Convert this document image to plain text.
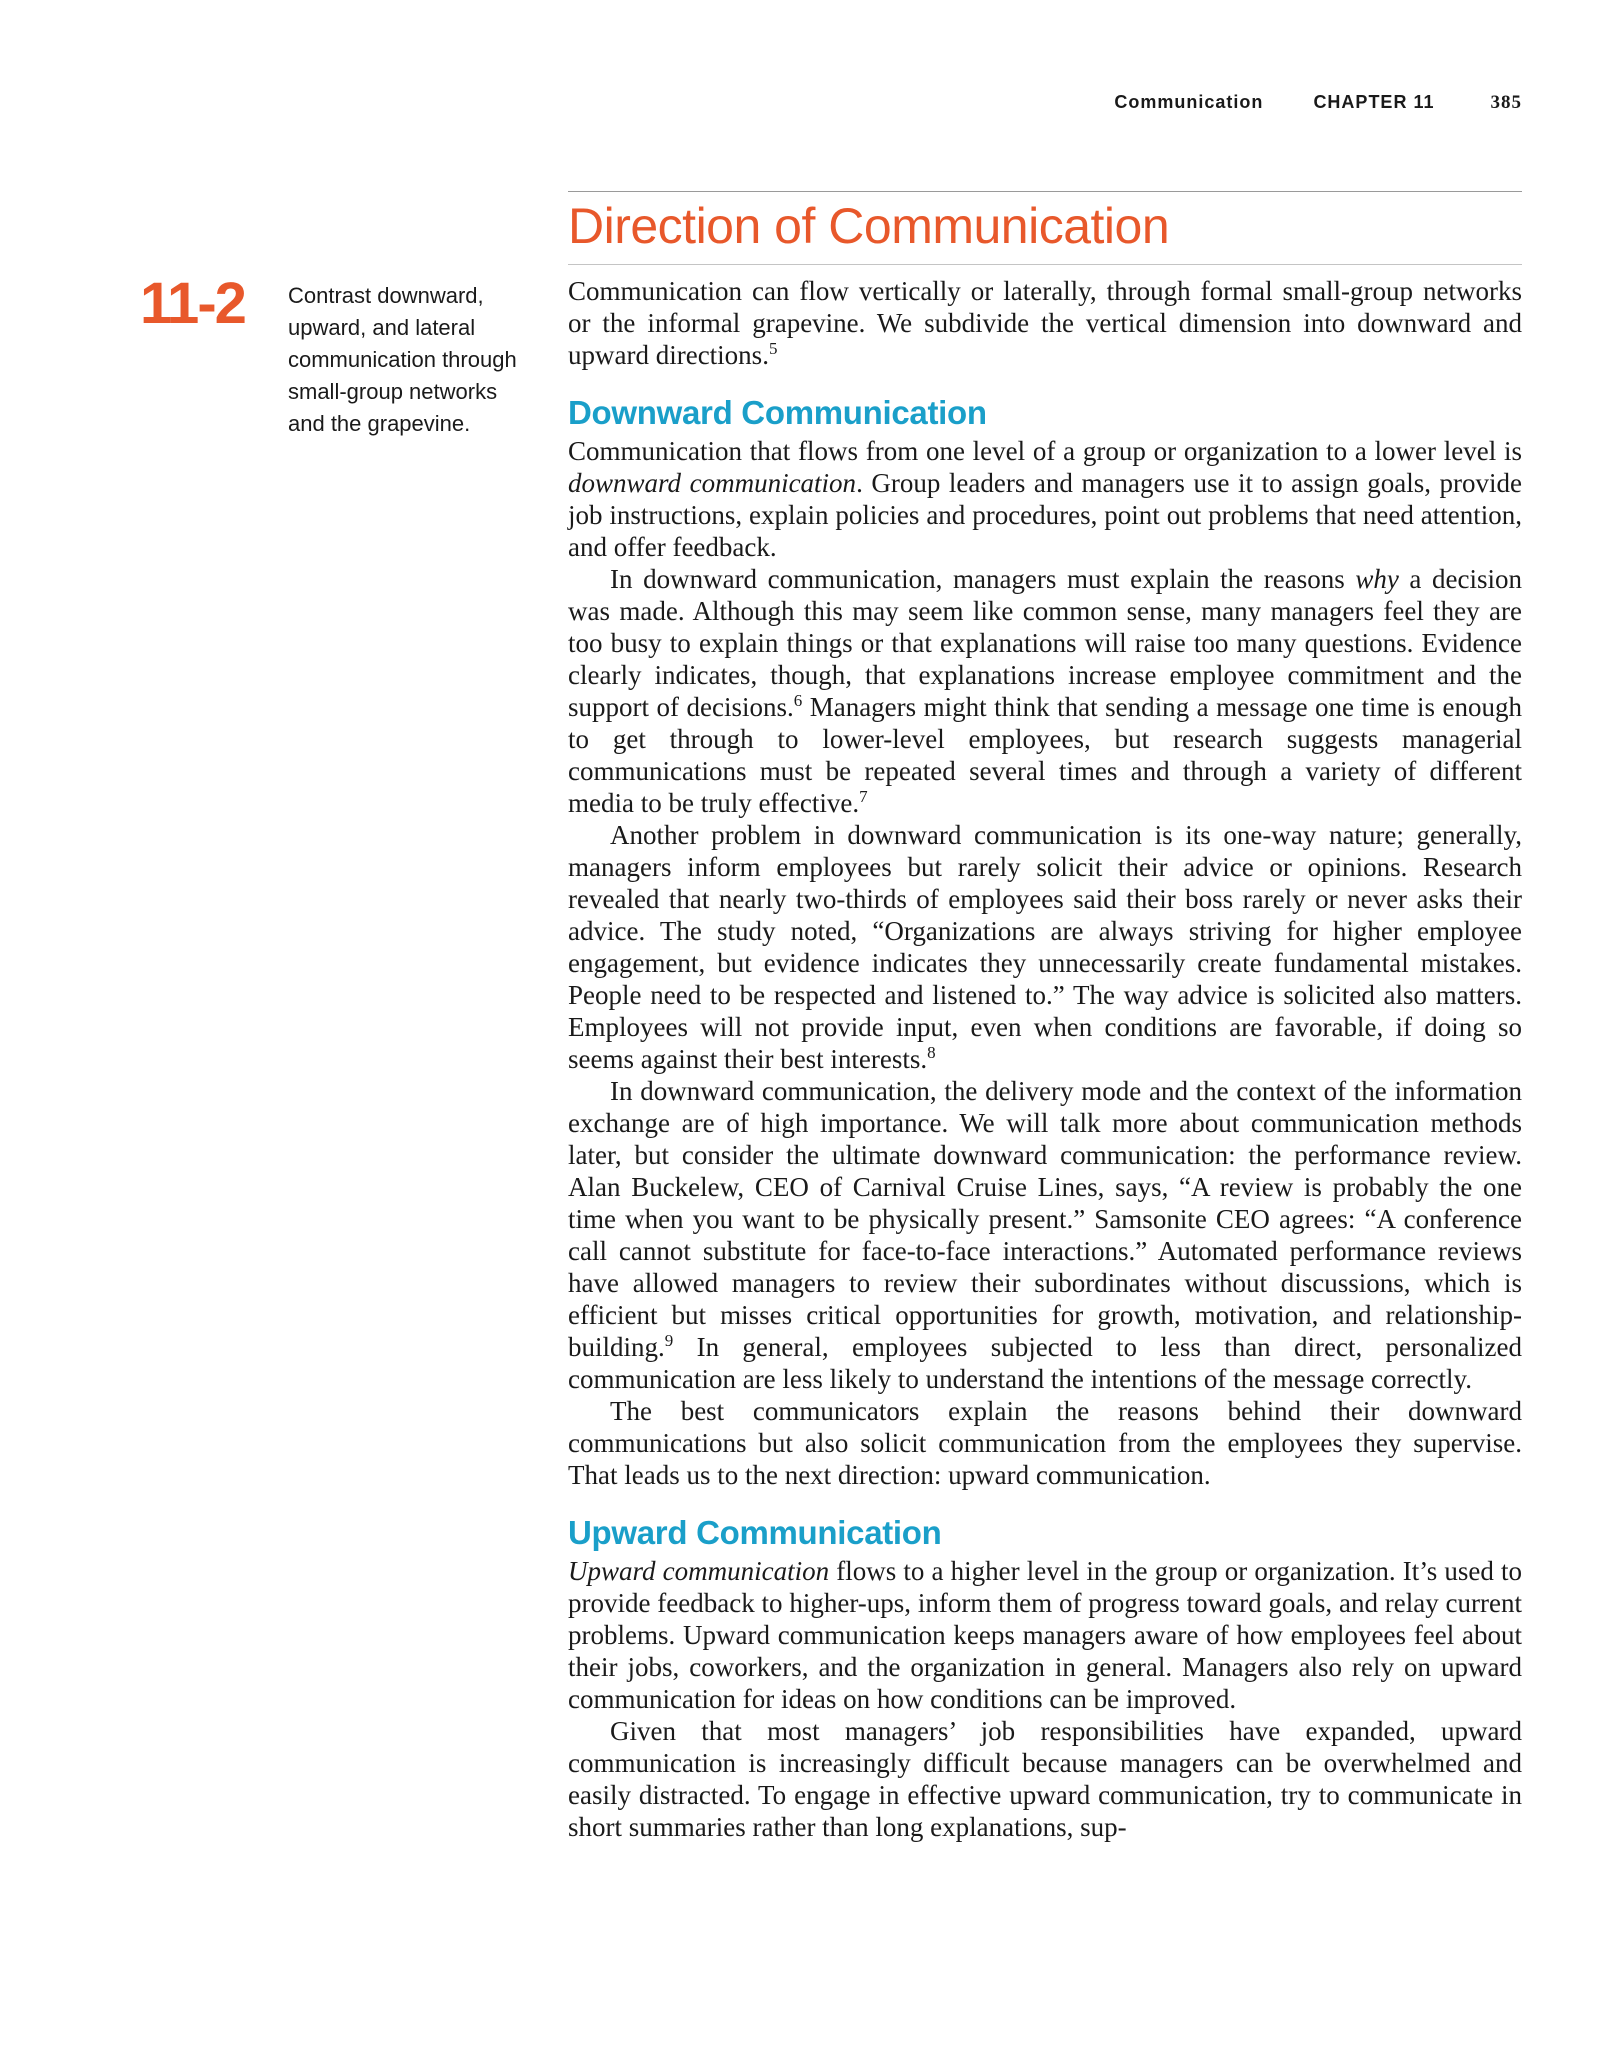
Communication	CHAPTER 11	385
Direction of Communication
11-2 Contrast downward, upward, and lateral communication through small-group networks and the grapevine.

Communication can flow vertically or laterally, through formal small-group networks or the informal grapevine. We subdivide the vertical dimension into downward and upward directions.$^5$

Downward Communication

Communication that flows from one level of a group or organization to a lower level is downward communication. Group leaders and managers use it to assign goals, provide job instructions, explain policies and procedures, point out problems that need attention, and offer feedback.

In downward communication, managers must explain the reasons why a decision was made. Although this may seem like common sense, many managers feel they are too busy to explain things or that explanations will raise too many questions. Evidence clearly indicates, though, that explanations increase employee commitment and the support of decisions.$^6$ Managers might think that sending a message one time is enough to get through to lower-level employees, but research suggests managerial communications must be repeated several times and through a variety of different media to be truly effective.$^7$

Another problem in downward communication is its one-way nature; generally, managers inform employees but rarely solicit their advice or opinions. Research revealed that nearly two-thirds of employees said their boss rarely or never asks their advice. The study noted, “Organizations are always striving for higher employee engagement, but evidence indicates they unnecessarily create fundamental mistakes. People need to be respected and listened to.” The way advice is solicited also matters. Employees will not provide input, even when conditions are favorable, if doing so seems against their best interests.$^8$

In downward communication, the delivery mode and the context of the information exchange are of high importance. We will talk more about communication methods later, but consider the ultimate downward communication: the performance review. Alan Buckelew, CEO of Carnival Cruise Lines, says, “A review is probably the one time when you want to be physically present.” Samsonite CEO agrees: “A conference call cannot substitute for face-to-face interactions.” Automated performance reviews have allowed managers to review their subordinates without discussions, which is efficient but misses critical opportunities for growth, motivation, and relationship-building.$^9$ In general, employees subjected to less than direct, personalized communication are less likely to understand the intentions of the message correctly.

The best communicators explain the reasons behind their downward communications but also solicit communication from the employees they supervise. That leads us to the next direction: upward communication.

Upward Communication

Upward communication flows to a higher level in the group or organization. It’s used to provide feedback to higher-ups, inform them of progress toward goals, and relay current problems. Upward communication keeps managers aware of how employees feel about their jobs, coworkers, and the organization in general. Managers also rely on upward communication for ideas on how conditions can be improved.

Given that most managers’ job responsibilities have expanded, upward communication is increasingly difficult because managers can be overwhelmed and easily distracted. To engage in effective upward communication, try to communicate in short summaries rather than long explanations, sup-
